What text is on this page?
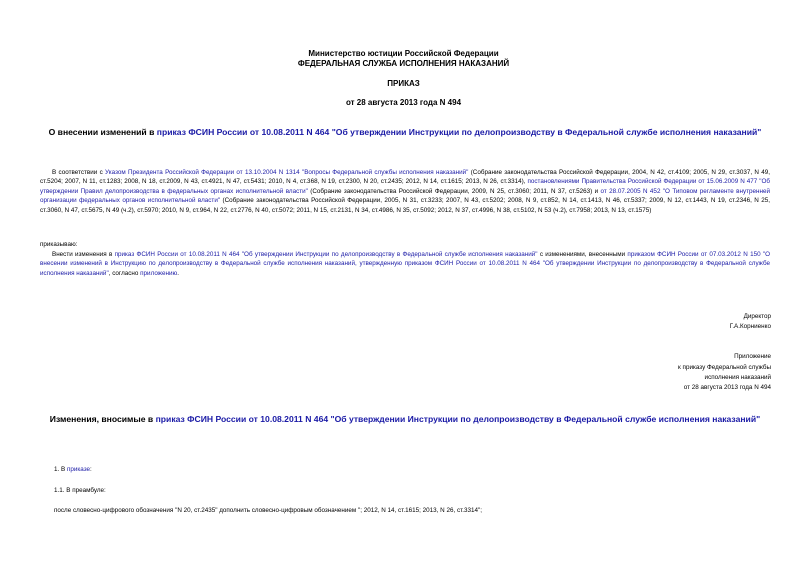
Министерство юстиции Российской Федерации
ФЕДЕРАЛЬНАЯ СЛУЖБА ИСПОЛНЕНИЯ НАКАЗАНИЙ
ПРИКАЗ
от 28 августа 2013 года N 494
О внесении изменений в приказ ФСИН России от 10.08.2011 N 464 "Об утверждении Инструкции по делопроизводству в Федеральной службе исполнения наказаний"
В соответствии с Указом Президента Российской Федерации от 13.10.2004 N 1314 "Вопросы Федеральной службы исполнения наказаний" (Собрание законодательства Российской Федерации, 2004, N 42, ст.4109; 2005, N 29, ст.3037, N 49, ст.5204; 2007, N 11, ст.1283; 2008, N 18, ст.2009, N 43, ст.4921, N 47, ст.5431; 2010, N 4, ст.368, N 19, ст.2300, N 20, ст.2435; 2012, N 14, ст.1615; 2013, N 26, ст.3314), постановлениями Правительства Российской Федерации от 15.06.2009 N 477 "Об утверждении Правил делопроизводства в федеральных органах исполнительной власти" (Собрание законодательства Российской Федерации, 2009, N 25, ст.3060; 2011, N 37, ст.5263) и от 28.07.2005 N 452 "О Типовом регламенте внутренней организации федеральных органов исполнительной власти" (Собрание законодательства Российской Федерации, 2005, N 31, ст.3233; 2007, N 43, ст.5202; 2008, N 9, ст.852, N 14, ст.1413, N 46, ст.5337; 2009, N 12, ст.1443, N 19, ст.2346, N 25, ст.3060, N 47, ст.5675, N 49 (ч.2), ст.5970; 2010, N 9, ст.964, N 22, ст.2776, N 40, ст.5072; 2011, N 15, ст.2131, N 34, ст.4986, N 35, ст.5092; 2012, N 37, ст.4996, N 38, ст.5102, N 53 (ч.2), ст.7958; 2013, N 13, ст.1575)
приказываю:
Внести изменения в приказ ФСИН России от 10.08.2011 N 464 "Об утверждении Инструкции по делопроизводству в Федеральной службе исполнения наказаний" с изменениями, внесенными приказом ФСИН России от 07.03.2012 N 150 "О внесении изменений в Инструкцию по делопроизводству в Федеральной службе исполнения наказаний, утвержденную приказом ФСИН России от 10.08.2011 N 464 "Об утверждении Инструкции по делопроизводству в Федеральной службе исполнения наказаний", согласно приложению.
Директор
Г.А.Корниенко
Приложение
к приказу Федеральной службы
исполнения наказаний
от 28 августа 2013 года N 494
Изменения, вносимые в приказ ФСИН России от 10.08.2011 N 464 "Об утверждении Инструкции по делопроизводству в Федеральной службе исполнения наказаний"
1. В приказе:
1.1. В преамбуле:
после словесно-цифрового обозначения "N 20, ст.2435" дополнить словесно-цифровым обозначением "; 2012, N 14, ст.1615; 2013, N 26, ст.3314";
